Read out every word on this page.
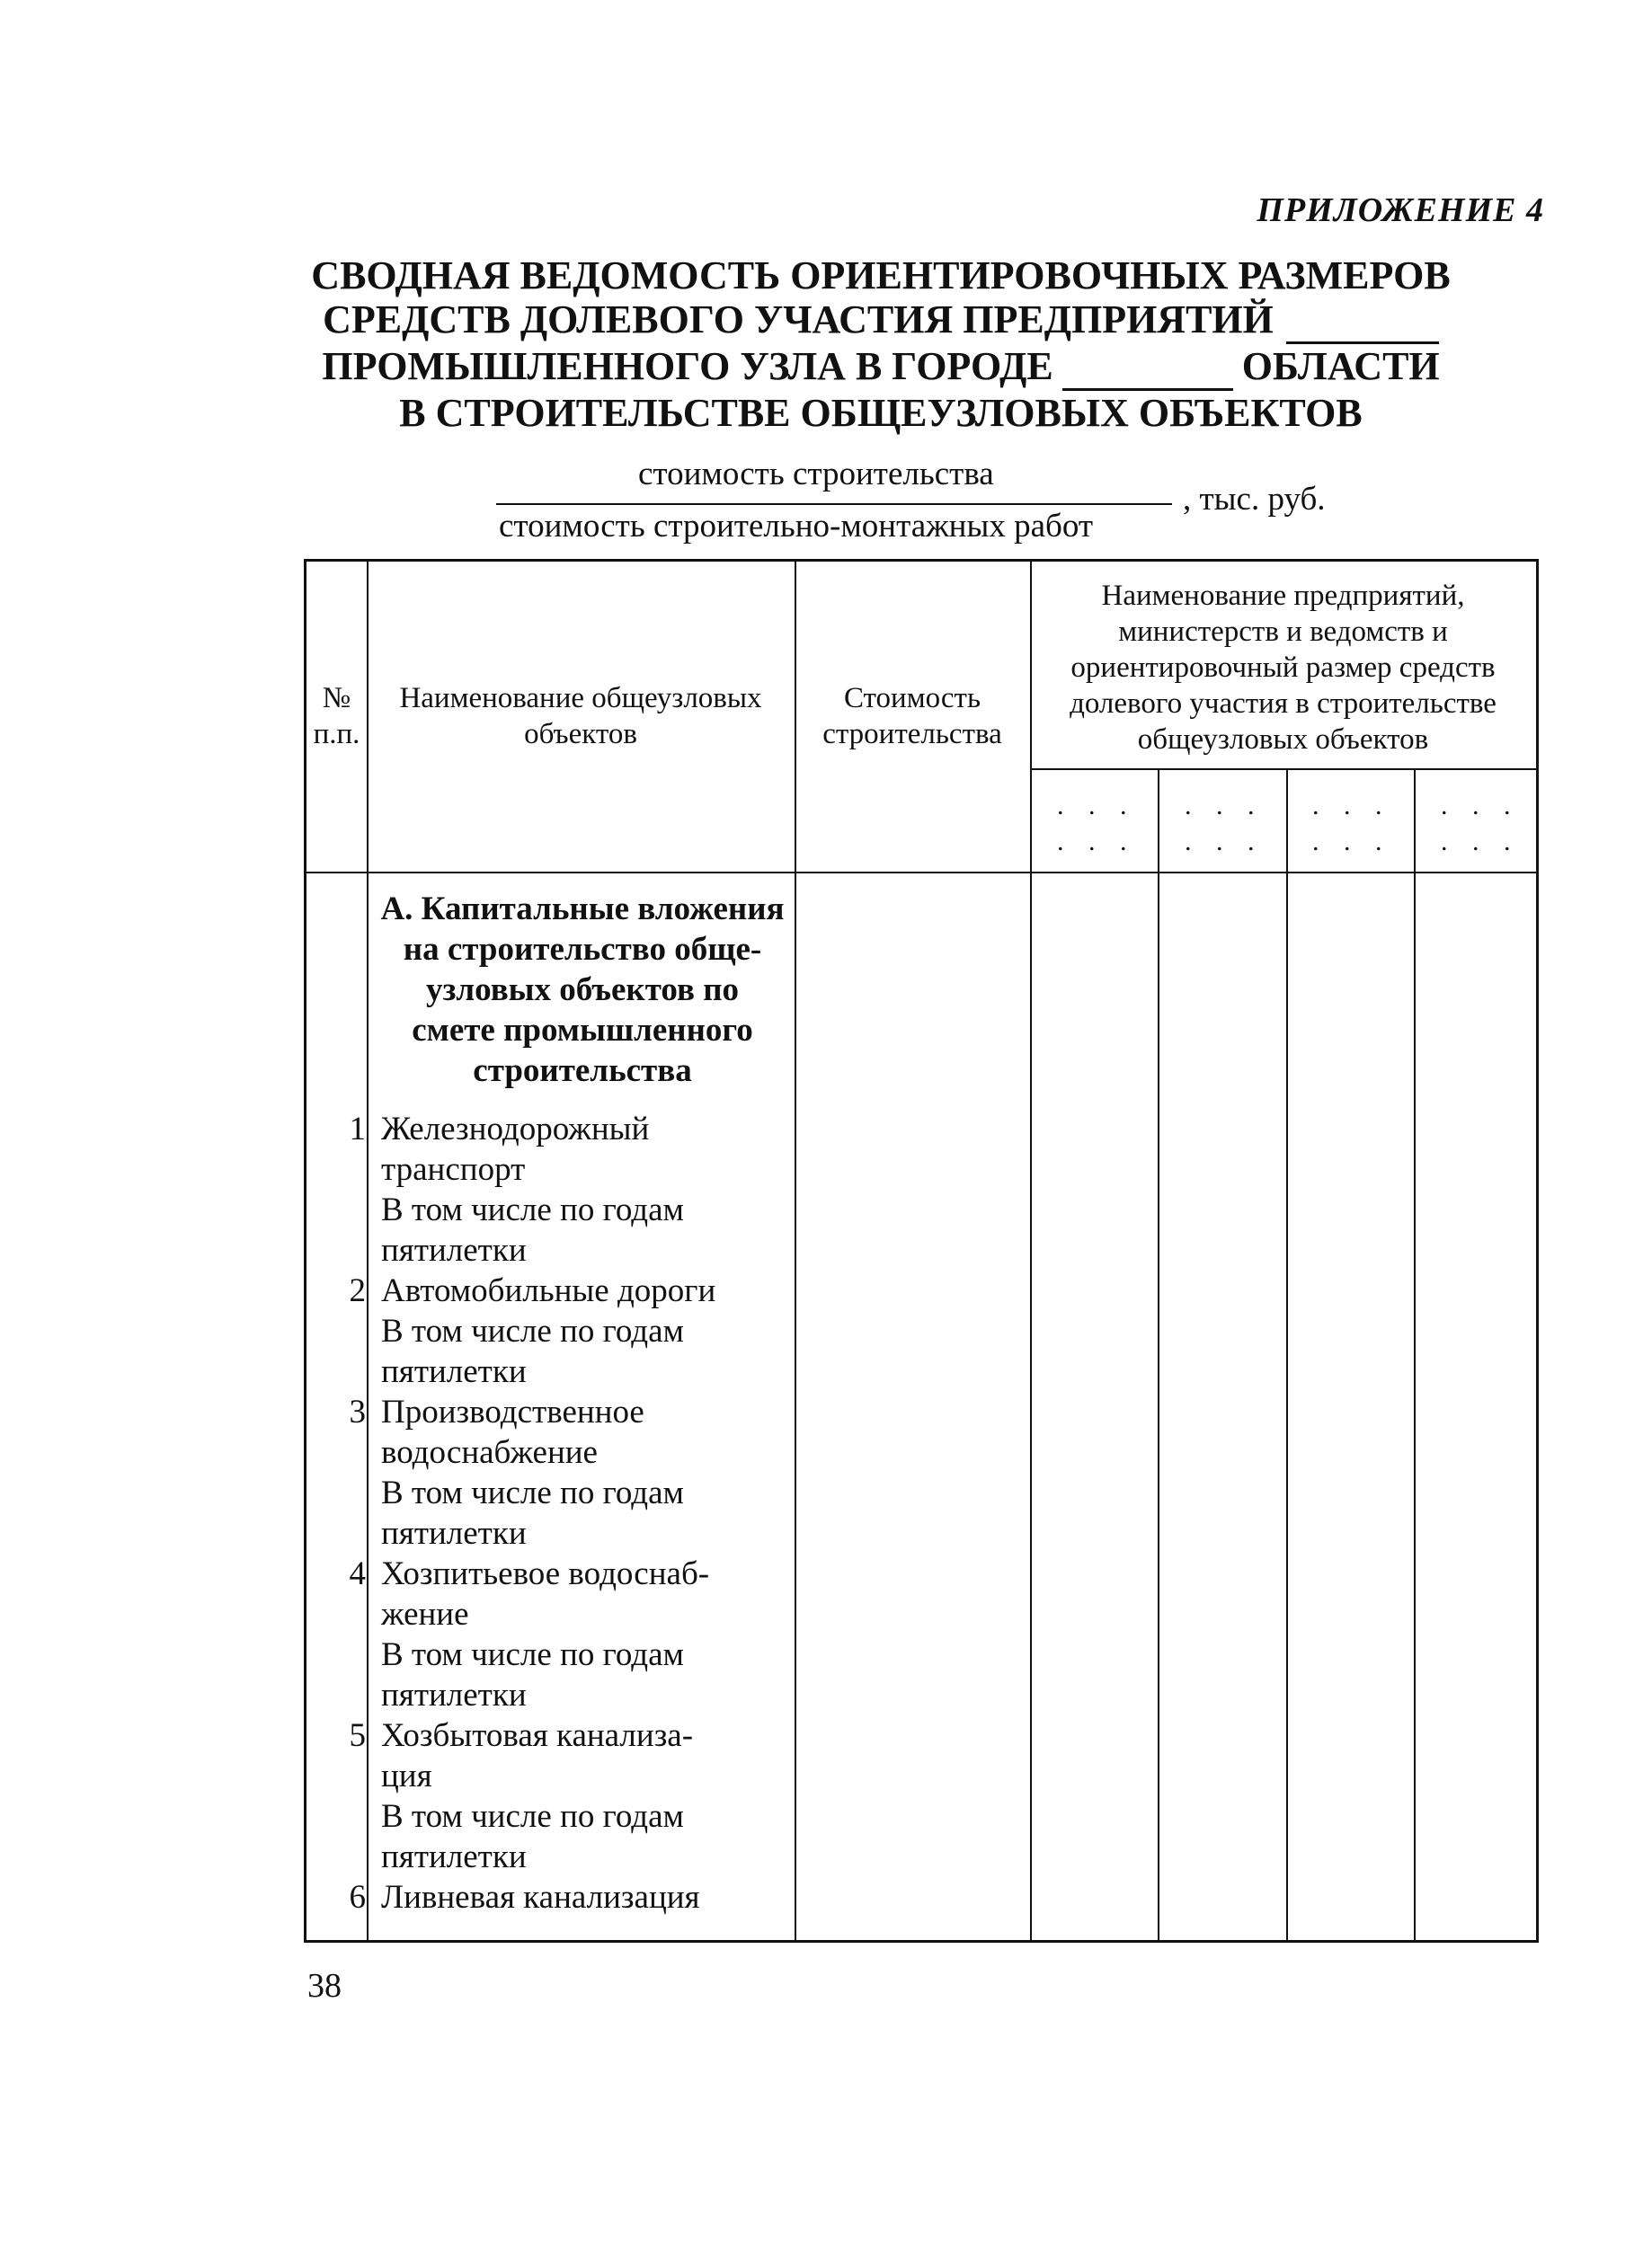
ПРИЛОЖЕНИЕ 4
СВОДНАЯ ВЕДОМОСТЬ ОРИЕНТИРОВОЧНЫХ РАЗМЕРОВ
СРЕДСТВ ДОЛЕВОГО УЧАСТИЯ ПРЕДПРИЯТИЙ
ПРОМЫШЛЕННОГО УЗЛА В ГОРОДЕ	ОБЛАСТИ
В СТРОИТЕЛЬСТВЕ ОБЩЕУЗЛОВЫХ ОБЪЕКТОВ
стоимость строительства
стоимость строительно-монтажных работ
, тыс. руб.
№
п.п.
Наименование общеузловых
объектов
Стоимость
строительства
Наименование предприятий,
министерств и ведомств и
ориентировочный размер средств
долевого участия в строительстве
общеузловых объектов
. . .
. . .
. . .
. . .
. . .
. . .
. . .
. . .
А. Капитальные вложения
на строительство обще-
узловых объектов по
смете промышленного
строительства
1 Железнодорожный
транспорт
В том числе по годам
пятилетки
2 Автомобильные дороги
В том числе по годам
пятилетки
3 Производственное
водоснабжение
В том числе по годам
пятилетки
4 Хозпитьевое водоснаб-
жение
В том числе по годам
пятилетки
5 Хозбытовая канализа-
ция
В том числе по годам
пятилетки
6 Ливневая канализация
38
